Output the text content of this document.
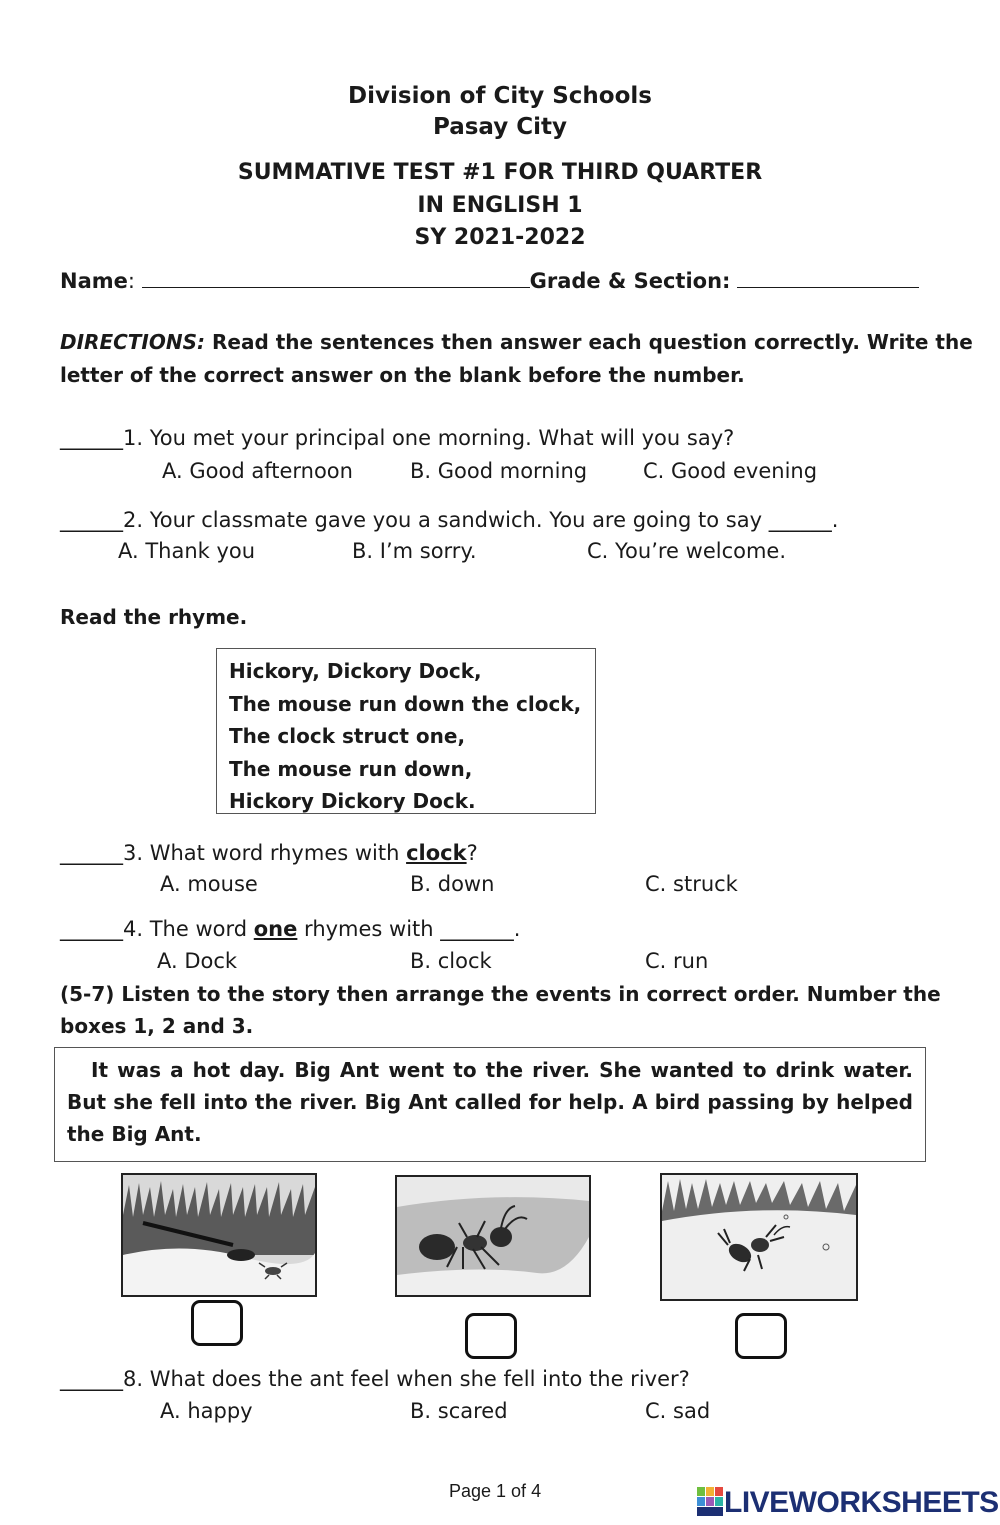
Division of City Schools
Pasay City
SUMMATIVE TEST #1 FOR THIRD QUARTER
IN ENGLISH 1
SY 2021-2022
Name:	Grade & Section:
DIRECTIONS: Read the sentences then answer each question correctly. Write the
letter of the correct answer on the blank before the number.
______1. You met your principal one morning. What will you say?
A. Good afternoon	B. Good morning	C. Good evening
______2. Your classmate gave you a sandwich. You are going to say ______.
A. Thank you	B. I’m sorry.	C. You’re welcome.
Read the rhyme.
Hickory, Dickory Dock,
The mouse run down the clock,
The clock struct one,
The mouse run down,
Hickory Dickory Dock.
______3. What word rhymes with clock?
A. mouse	B. down	C. struck
______4. The word one rhymes with _______.
A. Dock	B. clock	C. run
(5-7) Listen to the story then arrange the events in correct order. Number the
boxes 1, 2 and 3.
It was a hot day. Big Ant went to the river. She wanted to drink water. But she fell into the river. Big Ant called for help. A bird passing by helped the Big Ant.
______8. What does the ant feel when she fell into the river?
A. happy	B. scared	C. sad
Page 1 of 4	LIVEWORKSHEETS
